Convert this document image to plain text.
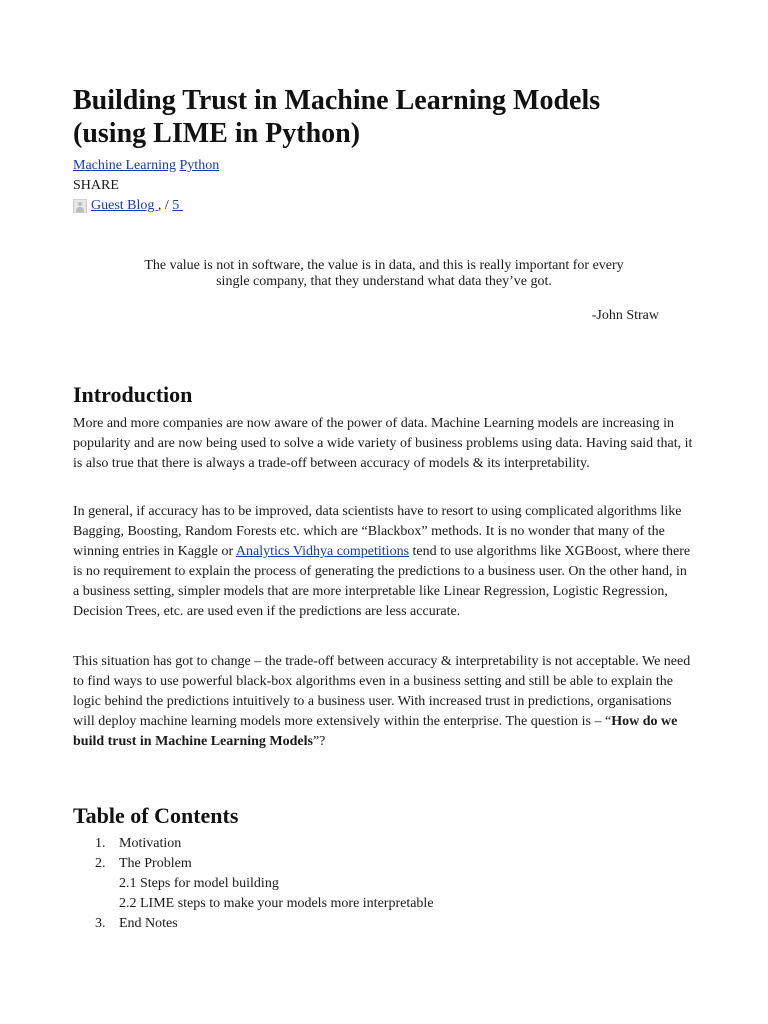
Building Trust in Machine Learning Models
(using LIME in Python)
Machine Learning Python
SHARE
Guest Blog , / 5
The value is not in software, the value is in data, and this is really important for every
single company, that they understand what data they’ve got.
-John Straw
Introduction

More and more companies are now aware of the power of data. Machine Learning models are increasing in popularity and are now being used to solve a wide variety of business problems using data. Having said that, it is also true that there is always a trade-off between accuracy of models & its interpretability.

In general, if accuracy has to be improved, data scientists have to resort to using complicated algorithms like Bagging, Boosting, Random Forests etc. which are “Blackbox” methods. It is no wonder that many of the winning entries in Kaggle or Analytics Vidhya competitions tend to use algorithms like XGBoost, where there is no requirement to explain the process of generating the predictions to a business user. On the other hand, in a business setting, simpler models that are more interpretable like Linear Regression, Logistic Regression, Decision Trees, etc. are used even if the predictions are less accurate.

This situation has got to change – the trade-off between accuracy & interpretability is not acceptable. We need to find ways to use powerful black-box algorithms even in a business setting and still be able to explain the logic behind the predictions intuitively to a business user. With increased trust in predictions, organisations will deploy machine learning models more extensively within the enterprise. The question is – “How do we build trust in Machine Learning Models”?

Table of Contents
1. Motivation
2. The Problem
2.1 Steps for model building
2.2 LIME steps to make your models more interpretable
3. End Notes
